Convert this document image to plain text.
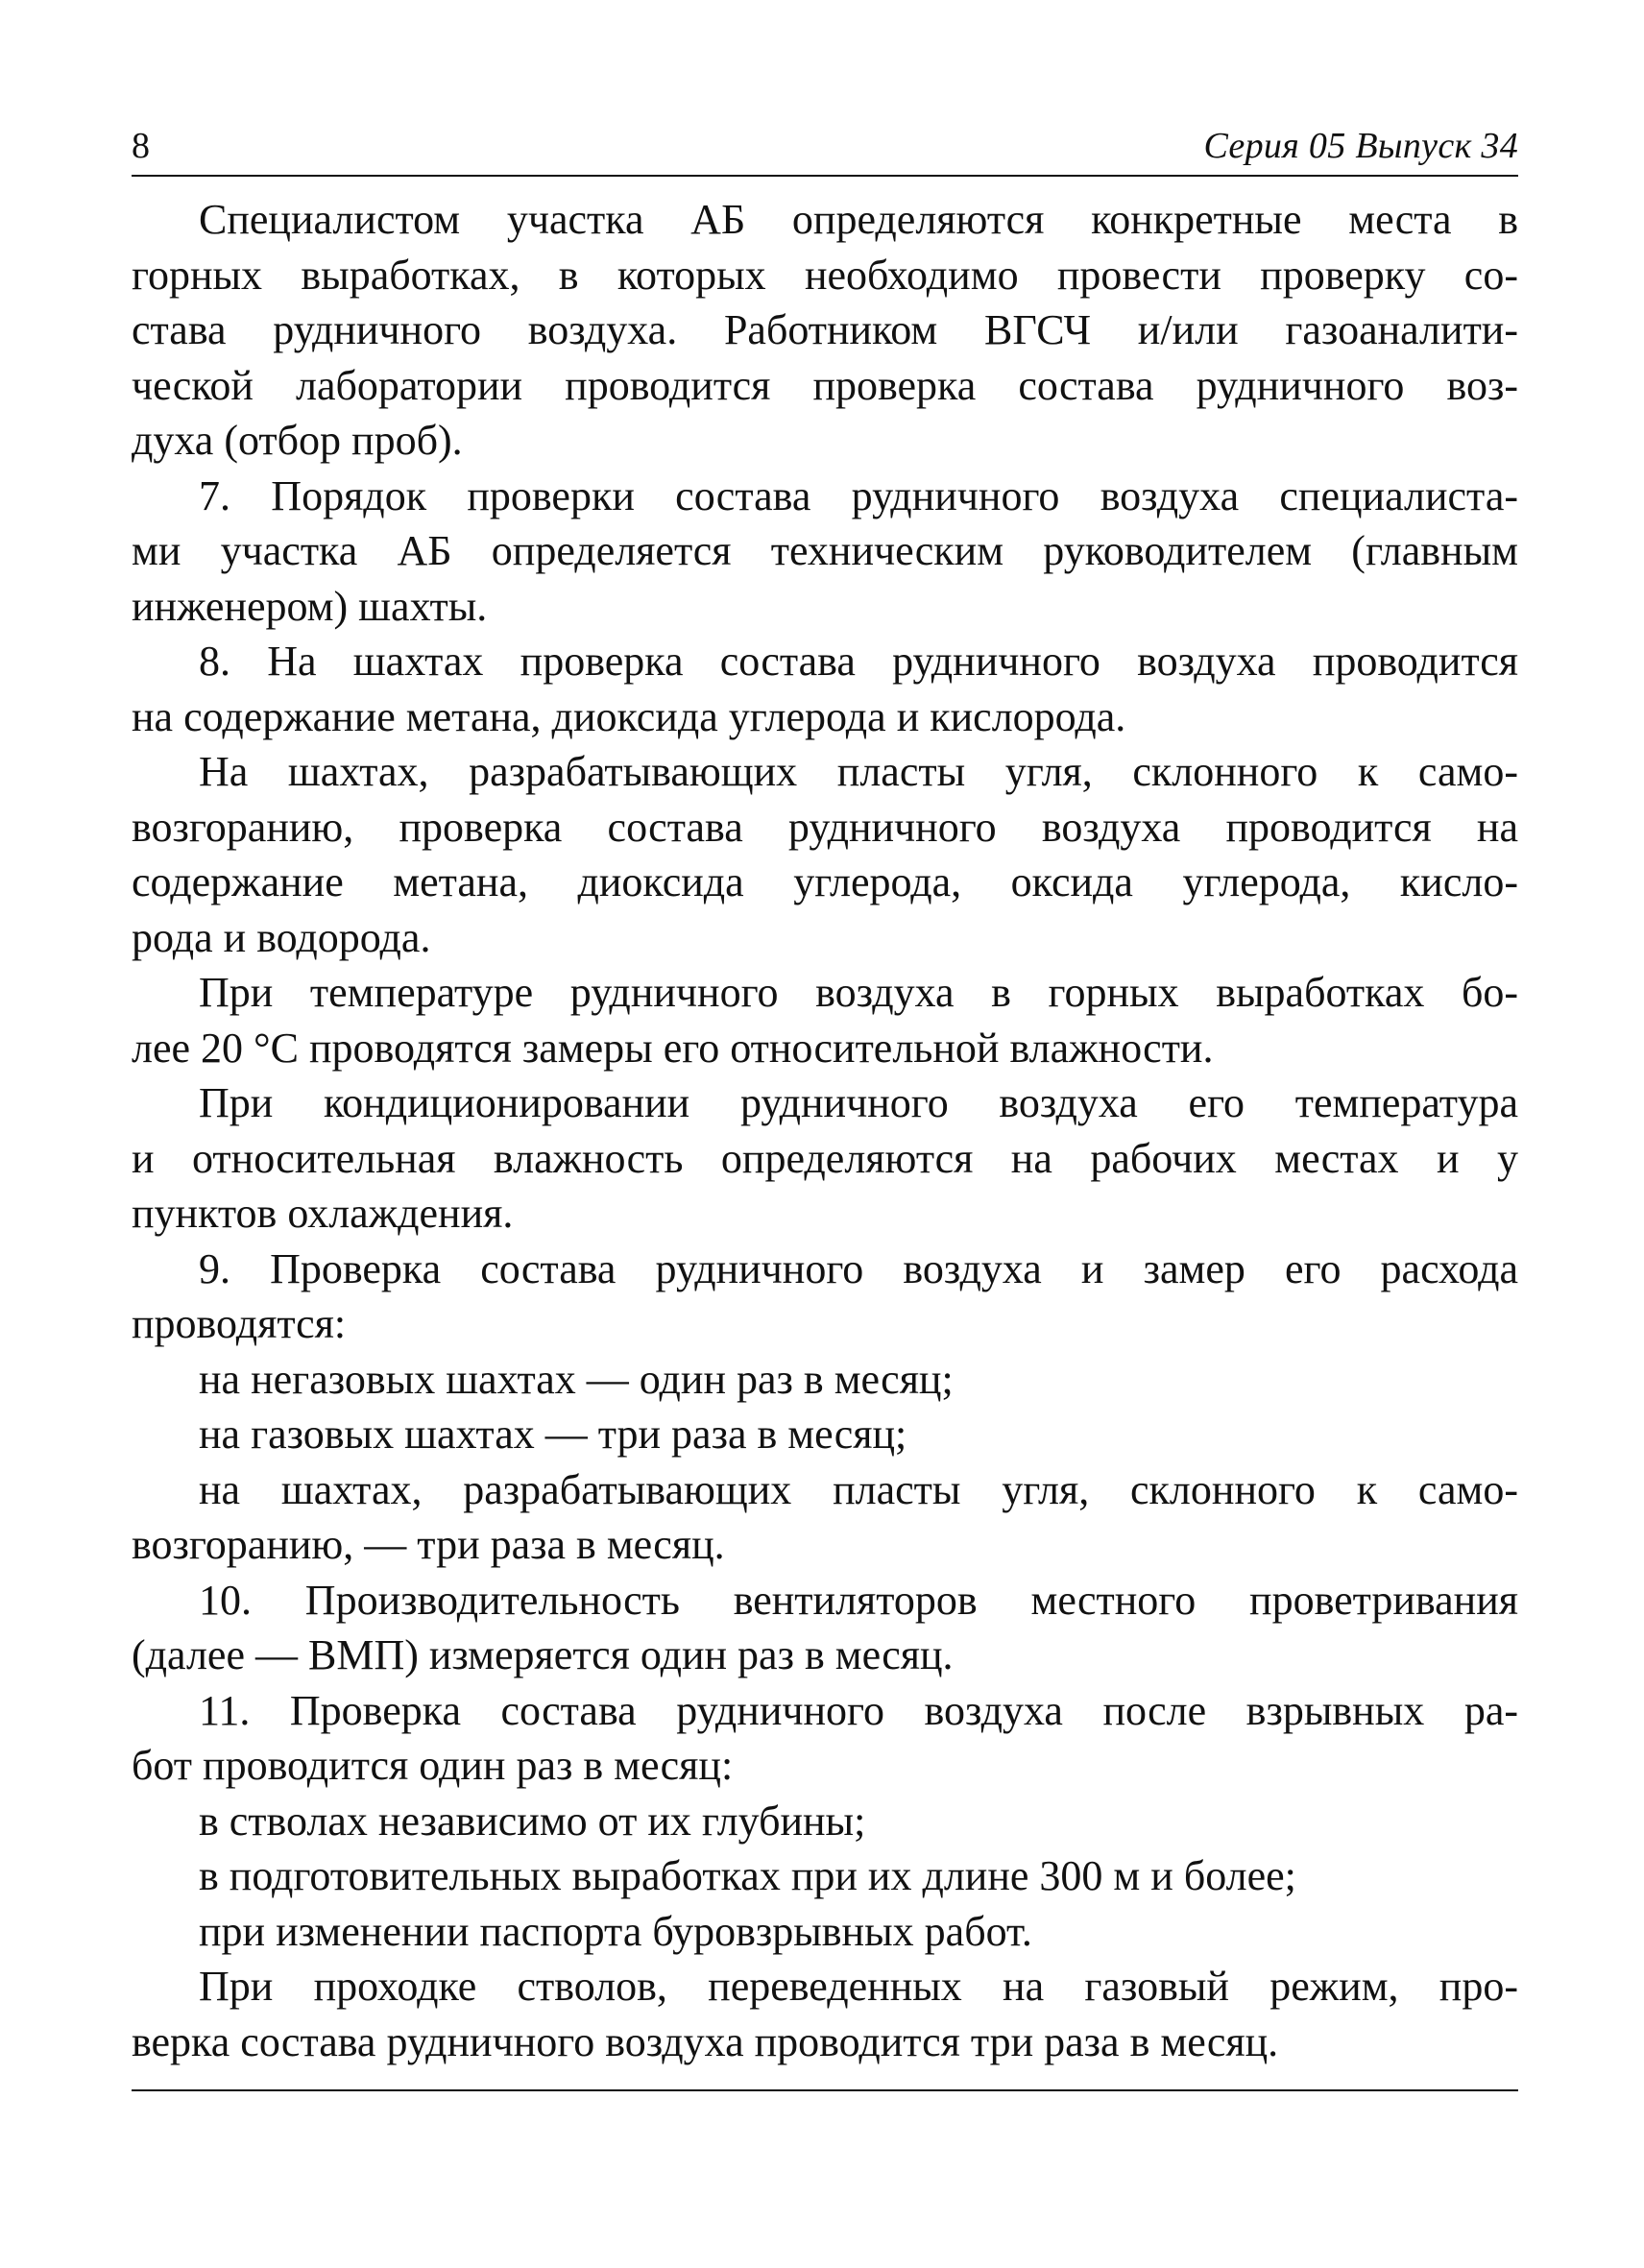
8	Серия 05 Выпуск 34
Специалистом участка АБ определяются конкретные места в
горных выработках, в которых необходимо провести проверку со-
става рудничного воздуха. Работником ВГСЧ и/или газоаналити-
ческой лаборатории проводится проверка состава рудничного воз-
духа (отбор проб).
7. Порядок проверки состава рудничного воздуха специалиста-
ми участка АБ определяется техническим руководителем (главным
инженером) шахты.
8. На шахтах проверка состава рудничного воздуха проводится
на содержание метана, диоксида углерода и кислорода.
На шахтах, разрабатывающих пласты угля, склонного к само-
возгоранию, проверка состава рудничного воздуха проводится на
содержание метана, диоксида углерода, оксида углерода, кисло-
рода и водорода.
При температуре рудничного воздуха в горных выработках бо-
лее 20 °С проводятся замеры его относительной влажности.
При кондиционировании рудничного воздуха его температура
и относительная влажность определяются на рабочих местах и у
пунктов охлаждения.
9. Проверка состава рудничного воздуха и замер его расхода
проводятся:
на негазовых шахтах — один раз в месяц;
на газовых шахтах — три раза в месяц;
на шахтах, разрабатывающих пласты угля, склонного к само-
возгоранию, — три раза в месяц.
10. Производительность вентиляторов местного проветривания
(далее — ВМП) измеряется один раз в месяц.
11. Проверка состава рудничного воздуха после взрывных ра-
бот проводится один раз в месяц:
в стволах независимо от их глубины;
в подготовительных выработках при их длине 300 м и более;
при изменении паспорта буровзрывных работ.
При проходке стволов, переведенных на газовый режим, про-
верка состава рудничного воздуха проводится три раза в месяц.
